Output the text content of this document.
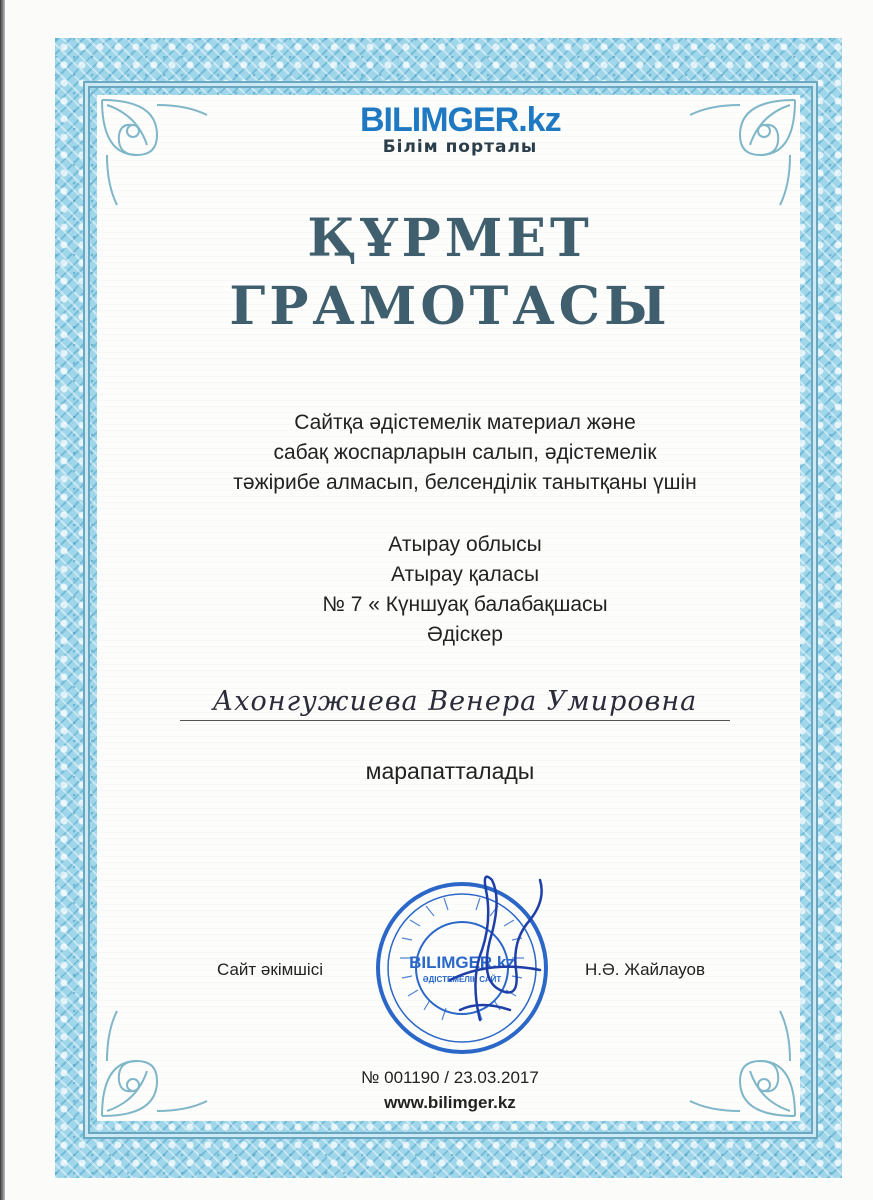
BILIMGER.kz
Білім порталы
ҚҰРМЕТ
ГРАМОТАСЫ
Сайтқа әдістемелік материал және
сабақ жоспарларын салып, әдістемелік
тәжірибе алмасып, белсенділік танытқаны үшін
Атырау облысы
Атырау қаласы
№ 7 « Күншуақ балабақшасы
Әдіскер
Ахонгужиева Венера Умировна
марапатталады
Сайт әкімшісі	Н.Ә. Жайлауов
BILIMGER.kz
ӘДІСТЕМЕЛІК САЙТ
№ 001190 / 23.03.2017
www.bilimger.kz
